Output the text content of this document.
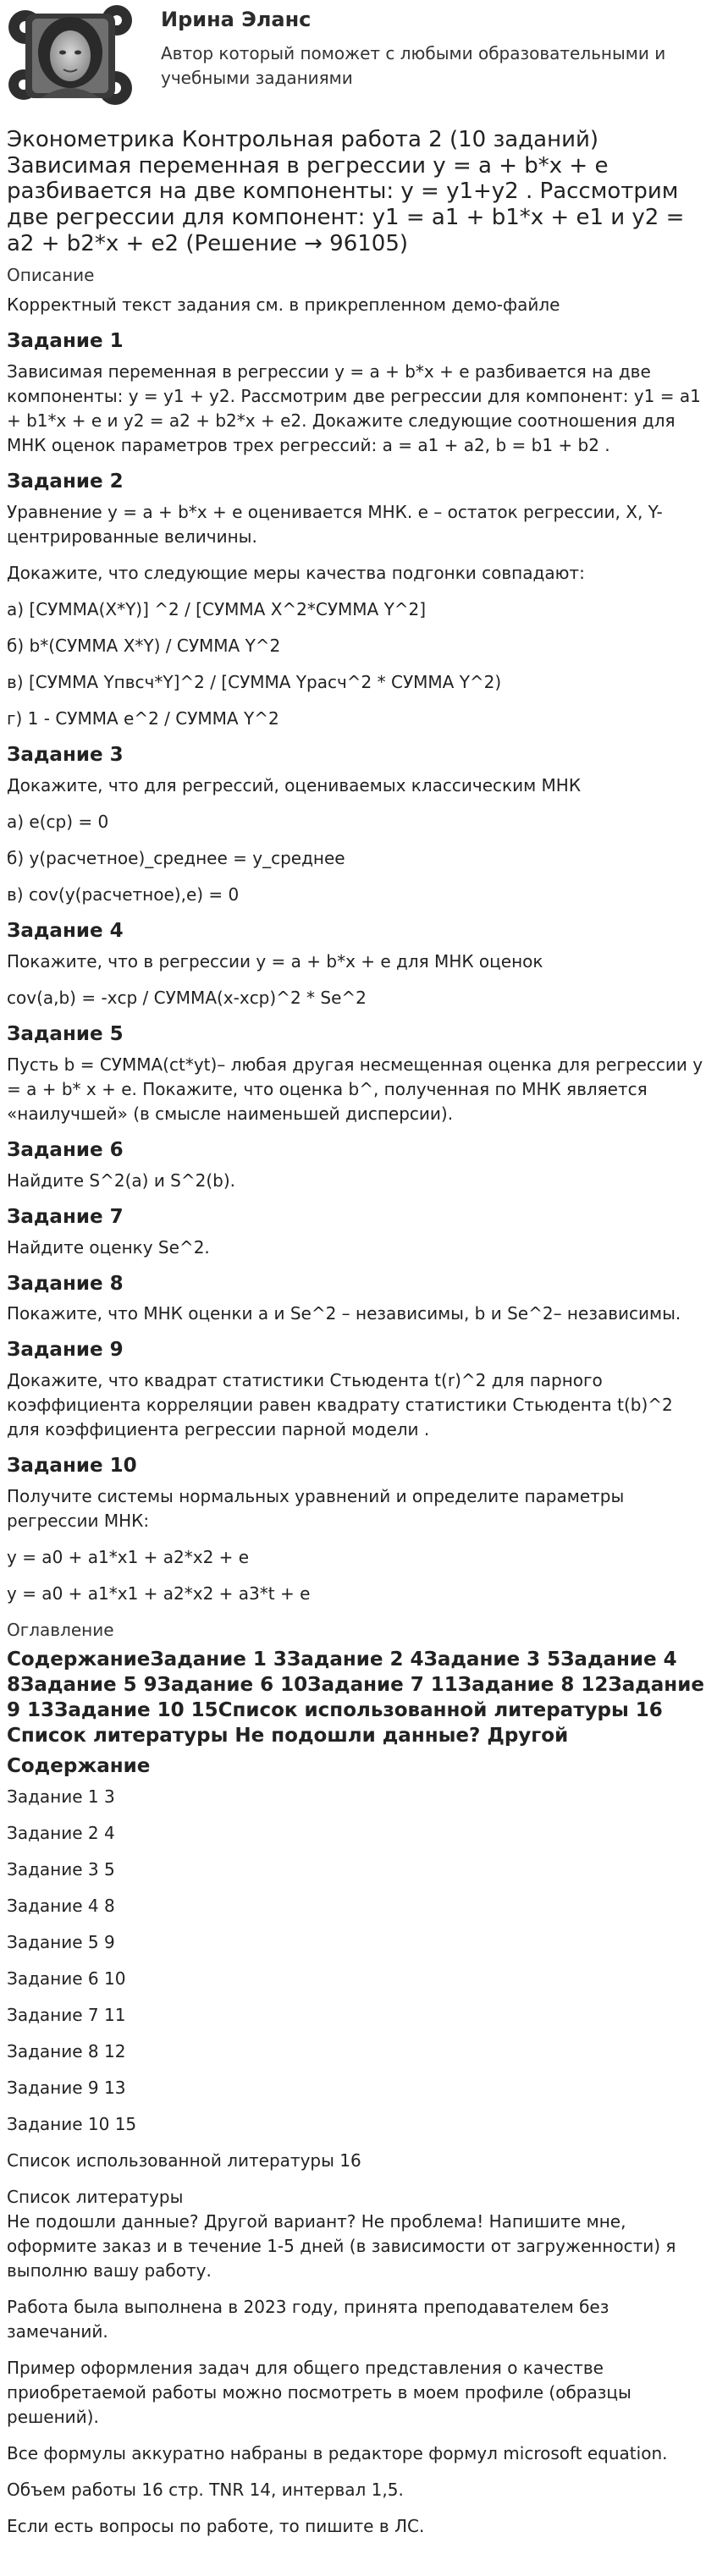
Ирина Эланс
Автор который поможет с любыми образовательными и учебными заданиями
Эконометрика Контрольная работа 2 (10 заданий) Зависимая переменная в регрессии y = a + b*x + e разбивается на две компоненты: y = y1+y2 . Рассмотрим две регрессии для компонент: y1 = a1 + b1*x + e1 и y2 = a2 + b2*x + e2 (Решение → 96105)
Описание

Корректный текст задания см. в прикрепленном демо-файле

Задание 1

Зависимая переменная в регрессии y = a + b*x + e разбивается на две компоненты: y = y1 + y2. Рассмотрим две регрессии для компонент: y1 = a1 + b1*x + e и y2 = a2 + b2*x + e2. Докажите следующие соотношения для МНК оценок параметров трех регрессий: a = a1 + a2, b = b1 + b2 .

Задание 2

Уравнение y = a + b*x + e оценивается МНК. e – остаток регрессии, X, Y- центрированные величины.

Докажите, что следующие меры качества подгонки совпадают:

а) [СУММА(X*Y)] ^2 / [СУММА X^2*СУММА Y^2]

б) b*(СУММА X*Y) / СУММА Y^2

в) [СУММА Yпвсч*Y]^2 / [СУММА Yрасч^2 * СУММА Y^2)

г) 1 - СУММА e^2 / СУММА Y^2

Задание 3

Докажите, что для регрессий, оцениваемых классическим МНК

а) e(ср) = 0

б) y(расчетное)_среднее = y_среднее

в) cov(y(расчетное),e) = 0

Задание 4

Покажите, что в регрессии y = a + b*x + e для МНК оценок

cov(a,b) = -xср / СУММА(x-xср)^2 * Se^2

Задание 5

Пусть b = СУММА(ct*yt)– любая другая несмещенная оценка для регрессии y = a + b* x + e. Покажите, что оценка b^, полученная по МНК является «наилучшей» (в смысле наименьшей дисперсии).

Задание 6

Найдите S^2(a) и S^2(b).

Задание 7

Найдите оценку Se^2.

Задание 8

Покажите, что МНК оценки a и Se^2 – независимы, b и Se^2– независимы.

Задание 9

Докажите, что квадрат статистики Стьюдента t(r)^2 для парного коэффициента корреляции равен квадрату статистики Стьюдента t(b)^2 для коэффициента регрессии парной модели .

Задание 10

Получите системы нормальных уравнений и определите параметры регрессии МНК:

y = a0 + a1*x1 + a2*x2 + e

y = a0 + a1*x1 + a2*x2 + a3*t + e

Оглавление
СодержаниеЗадание 1 3Задание 2 4Задание 3 5Задание 4 8Задание 5 9Задание 6 10Задание 7 11Задание 8 12Задание 9 13Задание 10 15Список использованной литературы 16 Список литературы Не подошли данные? Другой
Содержание
Задание 1 3
Задание 2 4
Задание 3 5
Задание 4 8
Задание 5 9
Задание 6 10
Задание 7 11
Задание 8 12
Задание 9 13
Задание 10 15
Список использованной литературы 16
Список литературы

Не подошли данные? Другой вариант? Не проблема! Напишите мне, оформите заказ и в течение 1-5 дней (в зависимости от загруженности) я выполню вашу работу.

Работа была выполнена в 2023 году, принята преподавателем без замечаний.

Пример оформления задач для общего представления о качестве приобретаемой работы можно посмотреть в моем профиле (образцы решений).

Все формулы аккуратно набраны в редакторе формул microsoft equation.

Объем работы 16 стр. TNR 14, интервал 1,5.

Если есть вопросы по работе, то пишите в ЛС.
